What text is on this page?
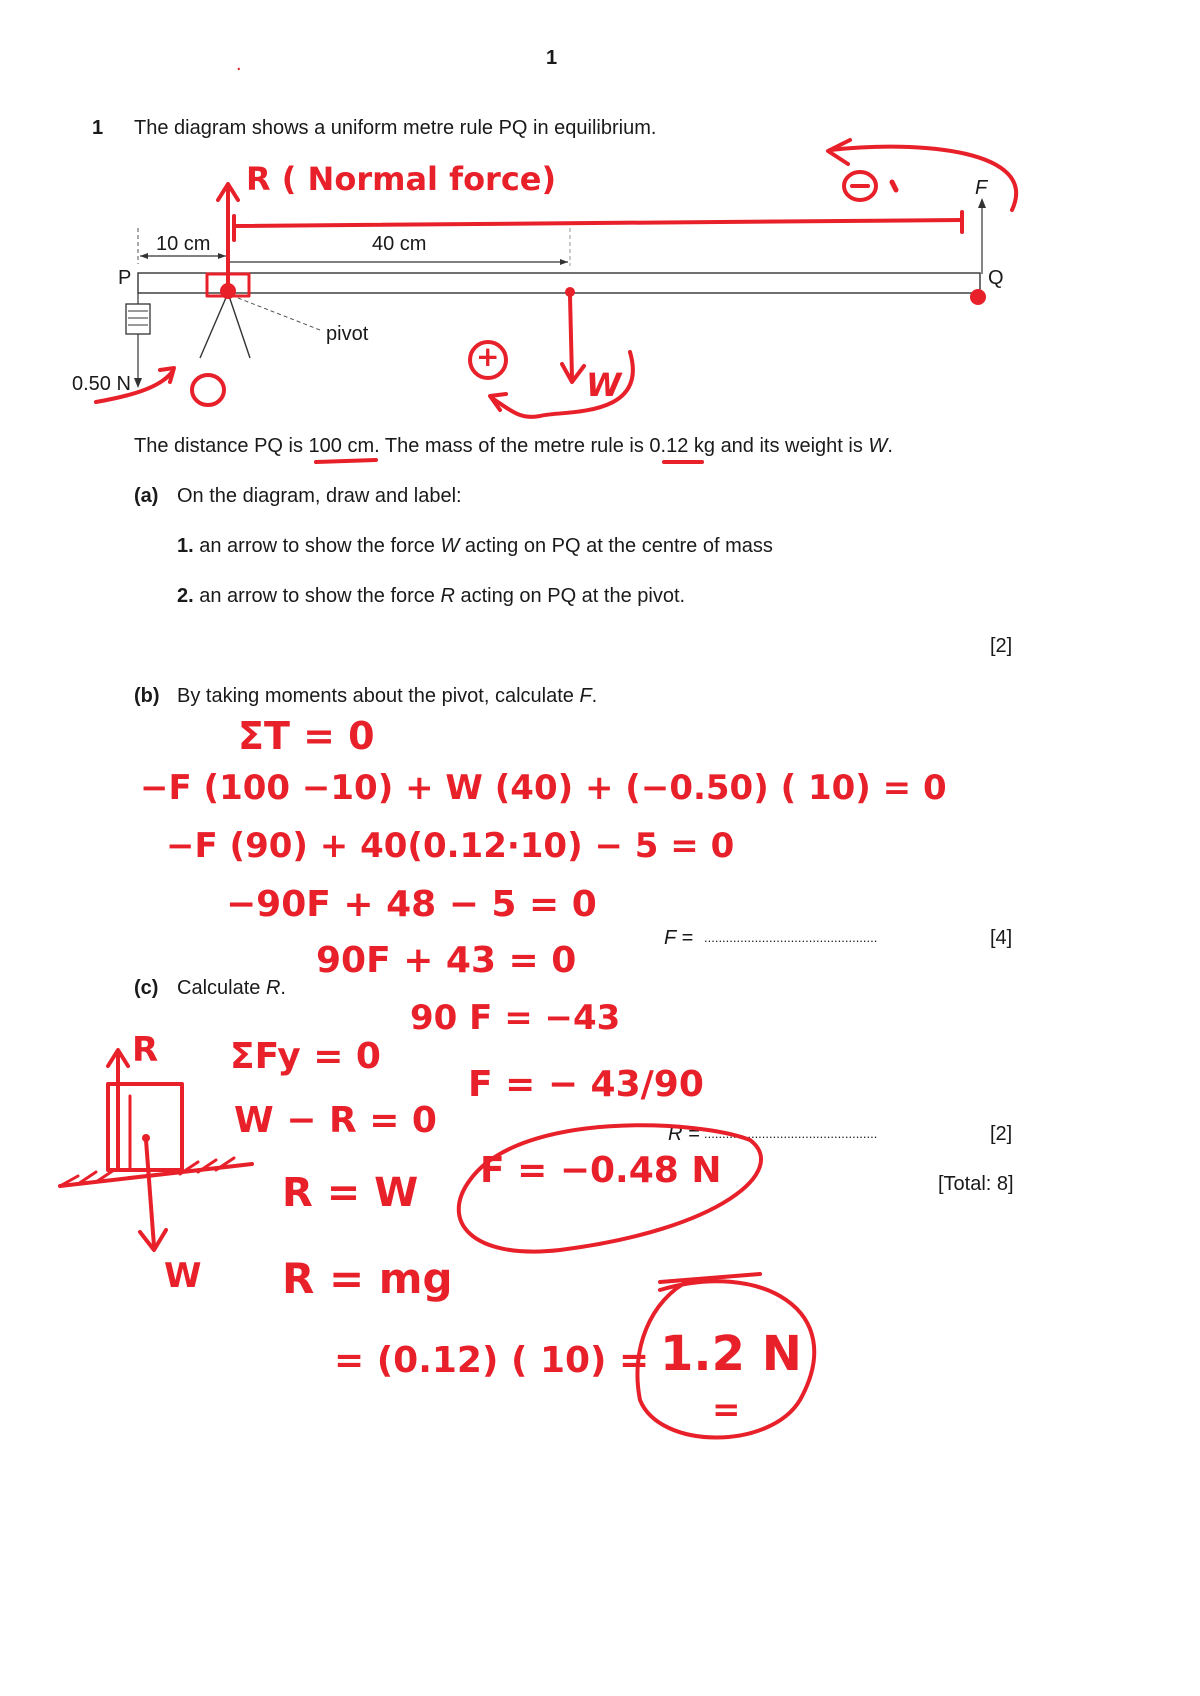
.	1
1 The diagram shows a uniform metre rule PQ in equilibrium.
P	Q
F
10 cm	40 cm
pivot
0.50 N
The distance PQ is 100 cm. The mass of the metre rule is 0.12 kg and its weight is W.
(a) On the diagram, draw and label:
1. an arrow to show the force W acting on PQ at the centre of mass
2. an arrow to show the force R acting on PQ at the pivot.
[2]
(b) By taking moments about the pivot, calculate F.
F = ................................................	[4]
(c) Calculate R.
R = ................................................	[2]
[Total: 8]
R ( Normal force)
+
W
ΣT = 0
−F (100 −10) + W (40) + (−0.50) ( 10) = 0
−F (90) + 40(0.12·10) − 5 = 0
−90F + 48 − 5 = 0
90F + 43 = 0
90 F = −43
F = − 43/90
F = −0.48 N
R
W
ΣFy = 0
W − R = 0
R = W
R = mg
= (0.12) ( 10) = 1.2 N
=
